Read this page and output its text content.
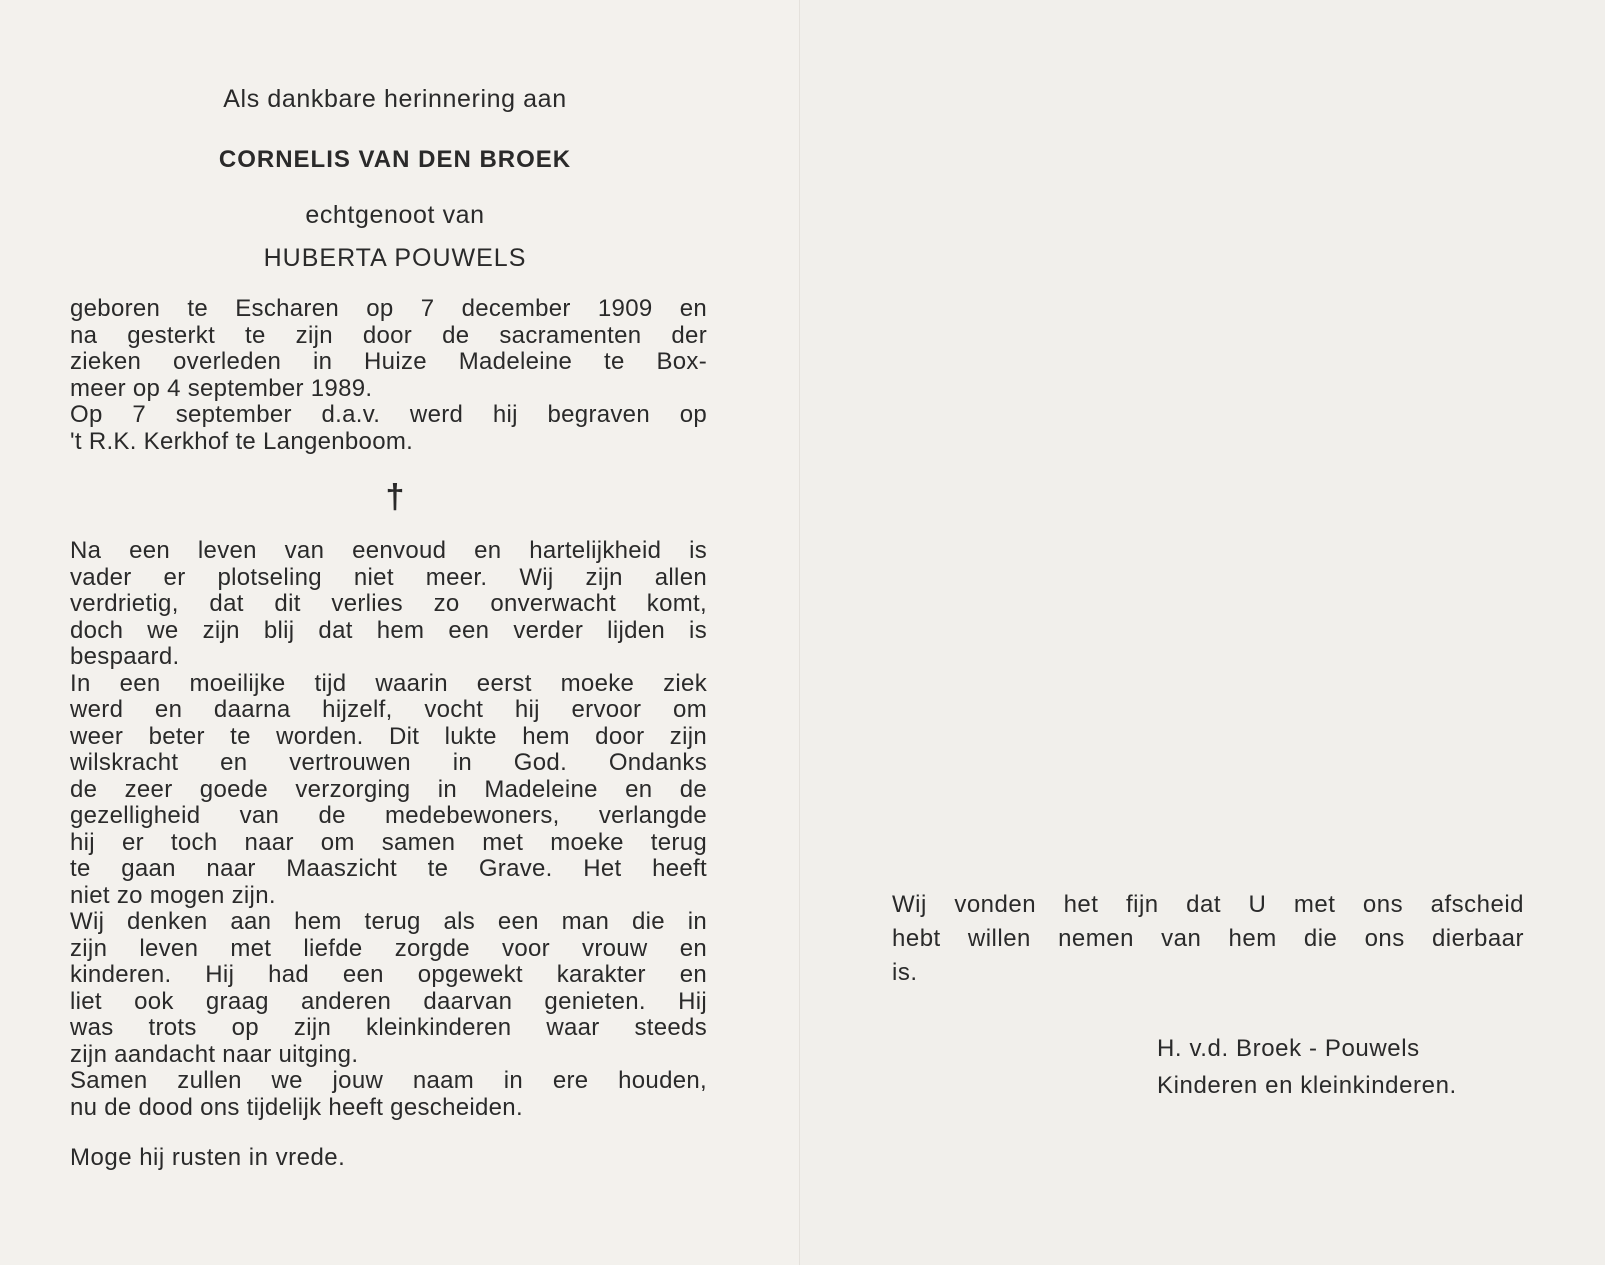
Als dankbare herinnering aan

CORNELIS VAN DEN BROEK

echtgenoot van

HUBERTA POUWELS

geboren te Escharen op 7 december 1909 en
na gesterkt te zijn door de sacramenten der
zieken overleden in Huize Madeleine te Box-
meer op 4 september 1989.
Op 7 september d.a.v. werd hij begraven op
't R.K. Kerkhof te Langenboom.
†
Na een leven van eenvoud en hartelijkheid is
vader er plotseling niet meer. Wij zijn allen
verdrietig, dat dit verlies zo onverwacht komt,
doch we zijn blij dat hem een verder lijden is
bespaard.
In een moeilijke tijd waarin eerst moeke ziek
werd en daarna hijzelf, vocht hij ervoor om
weer beter te worden. Dit lukte hem door zijn
wilskracht en vertrouwen in God. Ondanks
de zeer goede verzorging in Madeleine en de
gezelligheid van de medebewoners, verlangde
hij er toch naar om samen met moeke terug
te gaan naar Maaszicht te Grave. Het heeft
niet zo mogen zijn.
Wij denken aan hem terug als een man die in
zijn leven met liefde zorgde voor vrouw en
kinderen. Hij had een opgewekt karakter en
liet ook graag anderen daarvan genieten. Hij
was trots op zijn kleinkinderen waar steeds
zijn aandacht naar uitging.
Samen zullen we jouw naam in ere houden,
nu de dood ons tijdelijk heeft gescheiden.

Moge hij rusten in vrede.

Wij vonden het fijn dat U met ons afscheid
hebt willen nemen van hem die ons dierbaar
is.
H. v.d. Broek - Pouwels
Kinderen en kleinkinderen.
